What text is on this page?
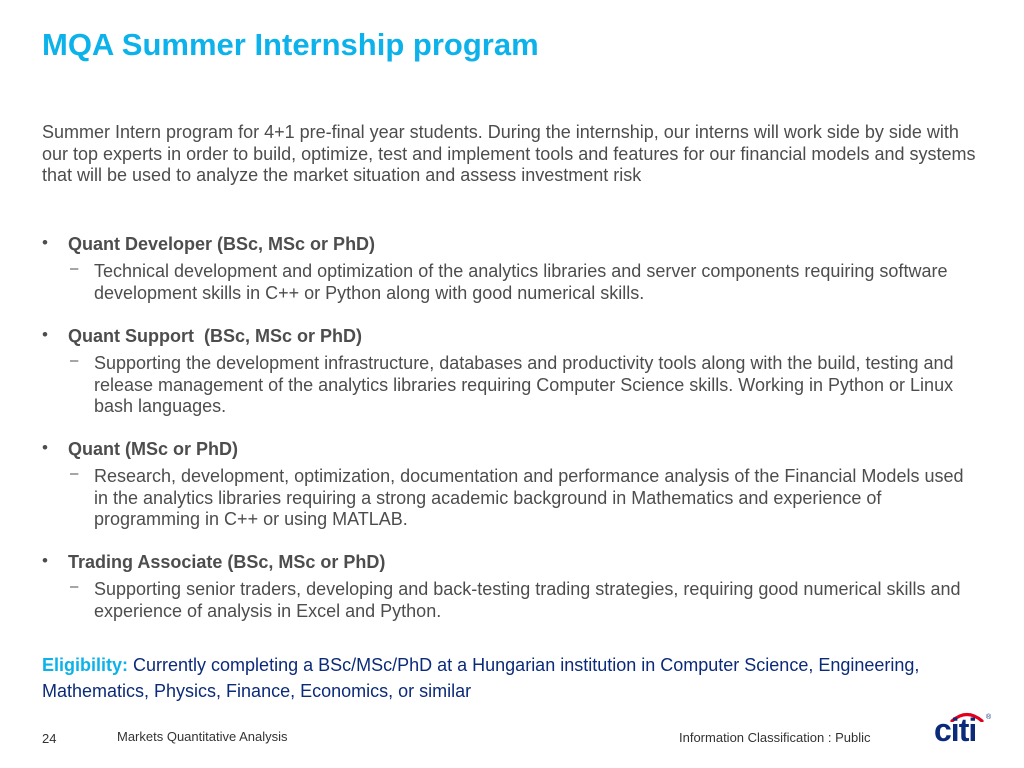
MQA Summer Internship program

Summer Intern program for 4+1 pre-final year students. During the internship, our interns will work side by side with our top experts in order to build, optimize, test and implement tools and features for our financial models and systems that will be used to analyze the market situation and assess investment risk

• Quant Developer (BSc, MSc or PhD)
– Technical development and optimization of the analytics libraries and server components requiring software development skills in C++ or Python along with good numerical skills.
• Quant Support  (BSc, MSc or PhD)
– Supporting the development infrastructure, databases and productivity tools along with the build, testing and release management of the analytics libraries requiring Computer Science skills. Working in Python or Linux bash languages.
• Quant (MSc or PhD)
– Research, development, optimization, documentation and performance analysis of the Financial Models used in the analytics libraries requiring a strong academic background in Mathematics and experience of programming in C++ or using MATLAB.
• Trading Associate (BSc, MSc or PhD)
– Supporting senior traders, developing and back-testing trading strategies, requiring good numerical skills and experience of analysis in Excel and Python.
Eligibility: Currently completing a BSc/MSc/PhD at a Hungarian institution in Computer Science, Engineering, Mathematics, Physics, Finance, Economics, or similar
24	Markets Quantitative Analysis	Information Classification : Public citi ®
